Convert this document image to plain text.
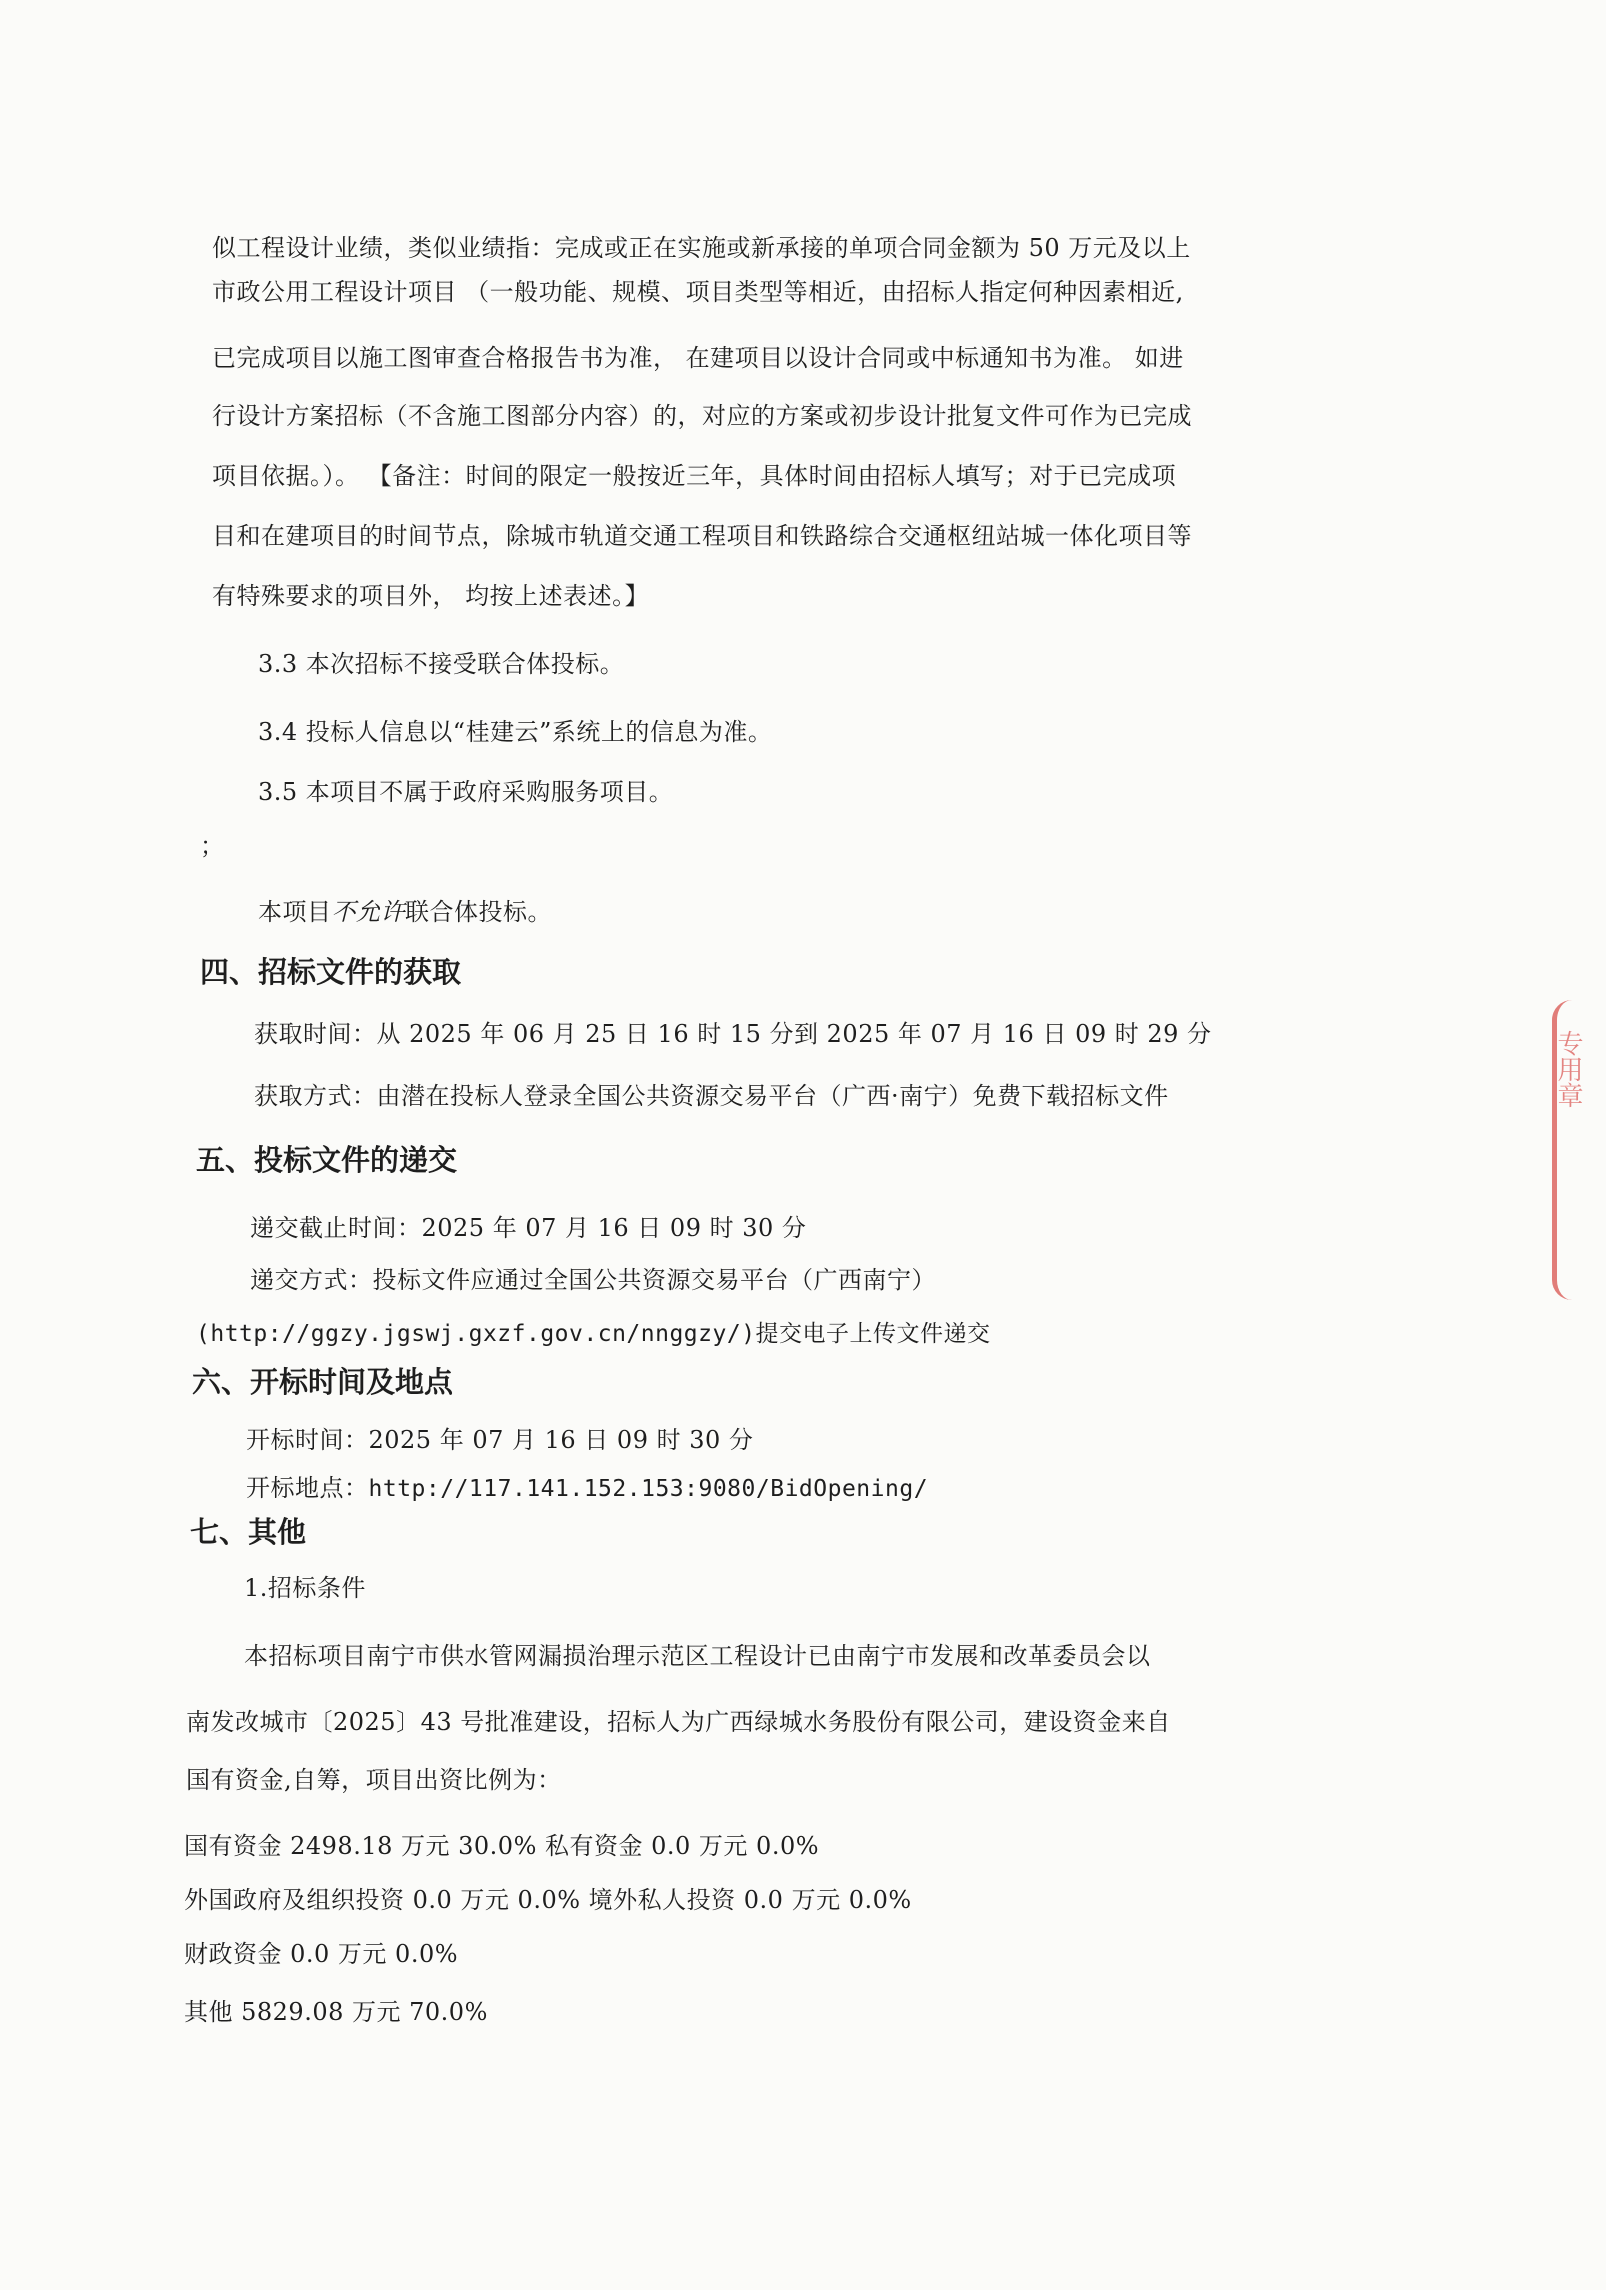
似工程设计业绩，类似业绩指：完成或正在实施或新承接的单项合同金额为 50 万元及以上
市政公用工程设计项目 （一般功能、规模、项目类型等相近，由招标人指定何种因素相近,
已完成项目以施工图审查合格报告书为准， 在建项目以设计合同或中标通知书为准。 如进
行设计方案招标（不含施工图部分内容）的，对应的方案或初步设计批复文件可作为已完成
项目依据。）。 【备注：时间的限定一般按近三年，具体时间由招标人填写；对于已完成项
目和在建项目的时间节点，除城市轨道交通工程项目和铁路综合交通枢纽站城一体化项目等
有特殊要求的项目外， 均按上述表述。】
3.3 本次招标不接受联合体投标。
3.4 投标人信息以“桂建云”系统上的信息为准。
3.5 本项目不属于政府采购服务项目。
；
本项目不允许联合体投标。
四、招标文件的获取
获取时间：从 2025 年 06 月 25 日 16 时 15 分到 2025 年 07 月 16 日 09 时 29 分
获取方式：由潜在投标人登录全国公共资源交易平台（广西·南宁）免费下载招标文件
五、投标文件的递交
递交截止时间：2025 年 07 月 16 日 09 时 30 分
递交方式：投标文件应通过全国公共资源交易平台（广西南宁）
(http://ggzy.jgswj.gxzf.gov.cn/nnggzy/)提交电子上传文件递交
六、开标时间及地点
开标时间：2025 年 07 月 16 日 09 时 30 分
开标地点：http://117.141.152.153:9080/BidOpening/
七、其他
1.招标条件
本招标项目南宁市供水管网漏损治理示范区工程设计已由南宁市发展和改革委员会以
南发改城市〔2025〕43 号批准建设，招标人为广西绿城水务股份有限公司，建设资金来自
国有资金,自筹，项目出资比例为：
国有资金 2498.18 万元 30.0% 私有资金 0.0 万元 0.0%
外国政府及组织投资 0.0 万元 0.0% 境外私人投资 0.0 万元 0.0%
财政资金 0.0 万元 0.0%
其他 5829.08 万元 70.0%
专用章
